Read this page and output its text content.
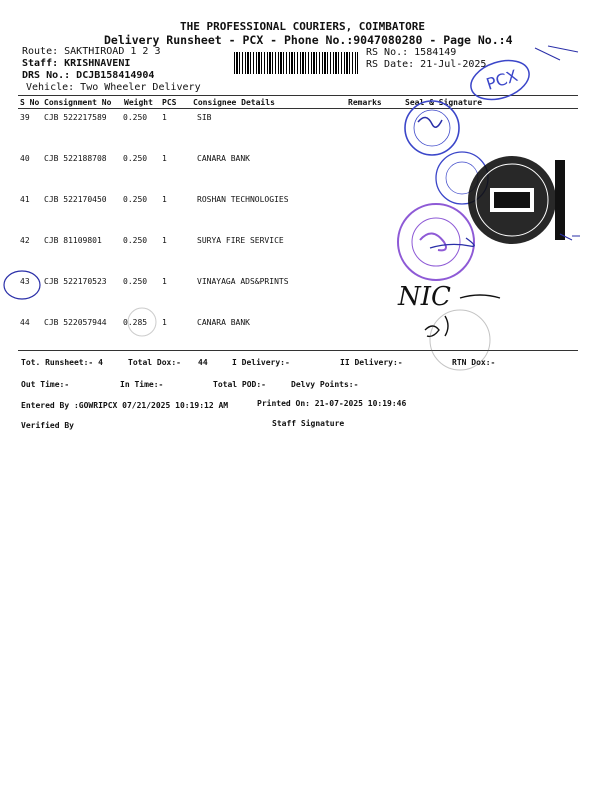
THE PROFESSIONAL COURIERS, COIMBATORE
Delivery Runsheet - PCX - Phone No.:9047080280 - Page No.:4
Route: SAKTHIROAD 1 2 3
Staff: KRISHNAVENI
DRS No.: DCJB158414904
Vehicle: Two Wheeler Delivery
RS No.: 1584149
RS Date: 21-Jul-2025
S No Consignment No Weight PCS Consignee Details	Remarks	Seal & Signature
39 CJB 522217589 0.250 1	SIB
40 CJB 522188708 0.250 1	CANARA BANK
41 CJB 522170450 0.250 1	ROSHAN TECHNOLOGIES
42 CJB 81109801	0.250 1	SURYA FIRE SERVICE
43 CJB 522170523 0.250 1	VINAYAGA ADS&PRINTS
44 CJB 522057944 0.285 1	CANARA BANK
Tot. Runsheet:- 4	Total Dox:- 44	I Delivery:-	II Delivery:-	RTN Dox:-
Out Time:-	In Time:-	Total POD:-	Delvy Points:-
Entered By :GOWRIPCX 07/21/2025 10:19:12 AM	Printed On: 21-07-2025 10:19:46
Verified By	Staff Signature
PCX
NIC
